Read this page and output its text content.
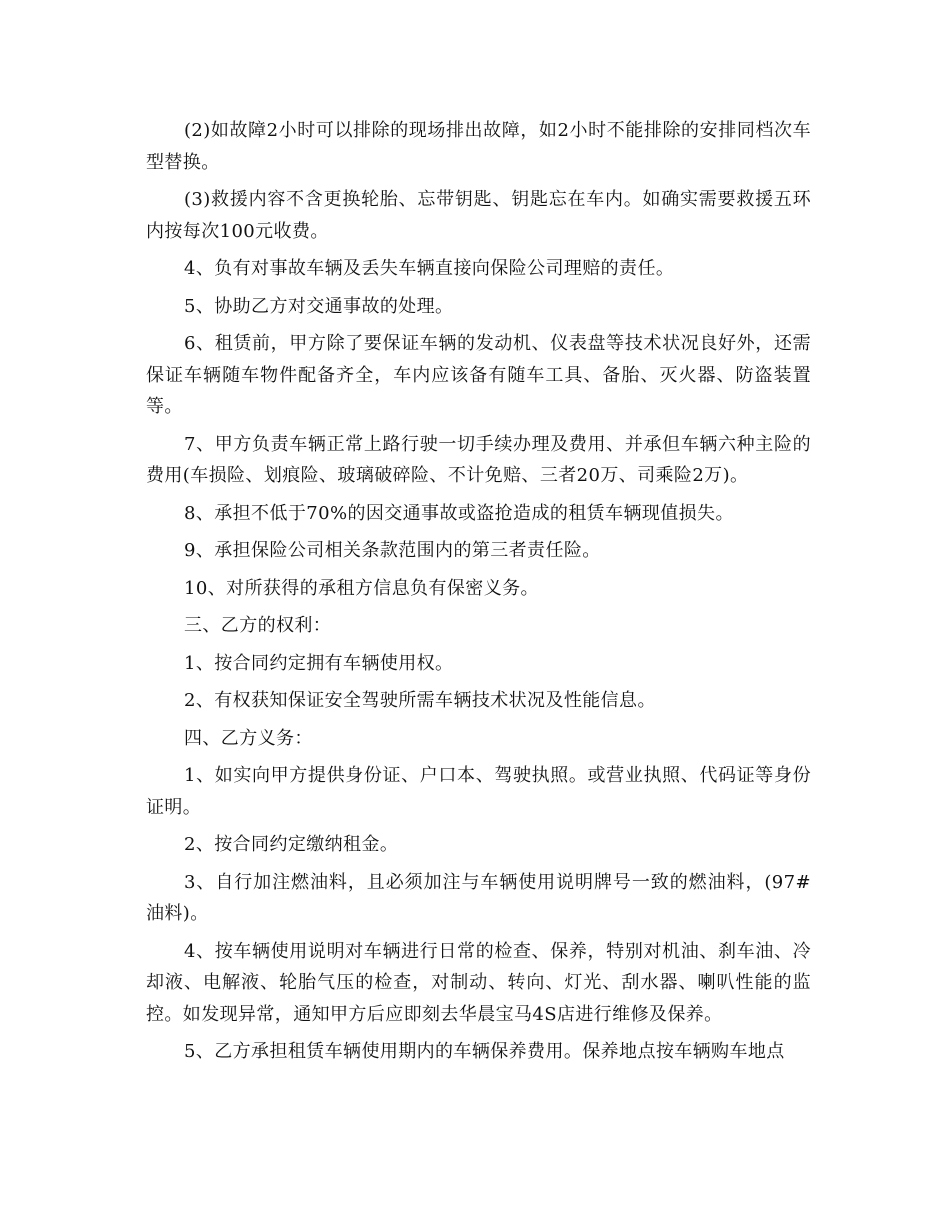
(2)如故障2小时可以排除的现场排出故障，如2小时不能排除的安排同档次车型替换。

(3)救援内容不含更换轮胎、忘带钥匙、钥匙忘在车内。如确实需要救援五环内按每次100元收费。

4、负有对事故车辆及丢失车辆直接向保险公司理赔的责任。

5、协助乙方对交通事故的处理。

6、租赁前，甲方除了要保证车辆的发动机、仪表盘等技术状况良好外，还需保证车辆随车物件配备齐全，车内应该备有随车工具、备胎、灭火器、防盗装置等。

7、甲方负责车辆正常上路行驶一切手续办理及费用、并承但车辆六种主险的费用(车损险、划痕险、玻璃破碎险、不计免赔、三者20万、司乘险2万)。

8、承担不低于70%的因交通事故或盗抢造成的租赁车辆现值损失。

9、承担保险公司相关条款范围内的第三者责任险。

10、对所获得的承租方信息负有保密义务。

三、乙方的权利：

1、按合同约定拥有车辆使用权。

2、有权获知保证安全驾驶所需车辆技术状况及性能信息。

四、乙方义务：

1、如实向甲方提供身份证、户口本、驾驶执照。或营业执照、代码证等身份证明。

2、按合同约定缴纳租金。

3、自行加注燃油料，且必须加注与车辆使用说明牌号一致的燃油料，(97#油料)。

4、按车辆使用说明对车辆进行日常的检查、保养，特别对机油、刹车油、冷却液、电解液、轮胎气压的检查，对制动、转向、灯光、刮水器、喇叭性能的监控。如发现异常，通知甲方后应即刻去华晨宝马4S店进行维修及保养。

5、乙方承担租赁车辆使用期内的车辆保养费用。保养地点按车辆购车地点
